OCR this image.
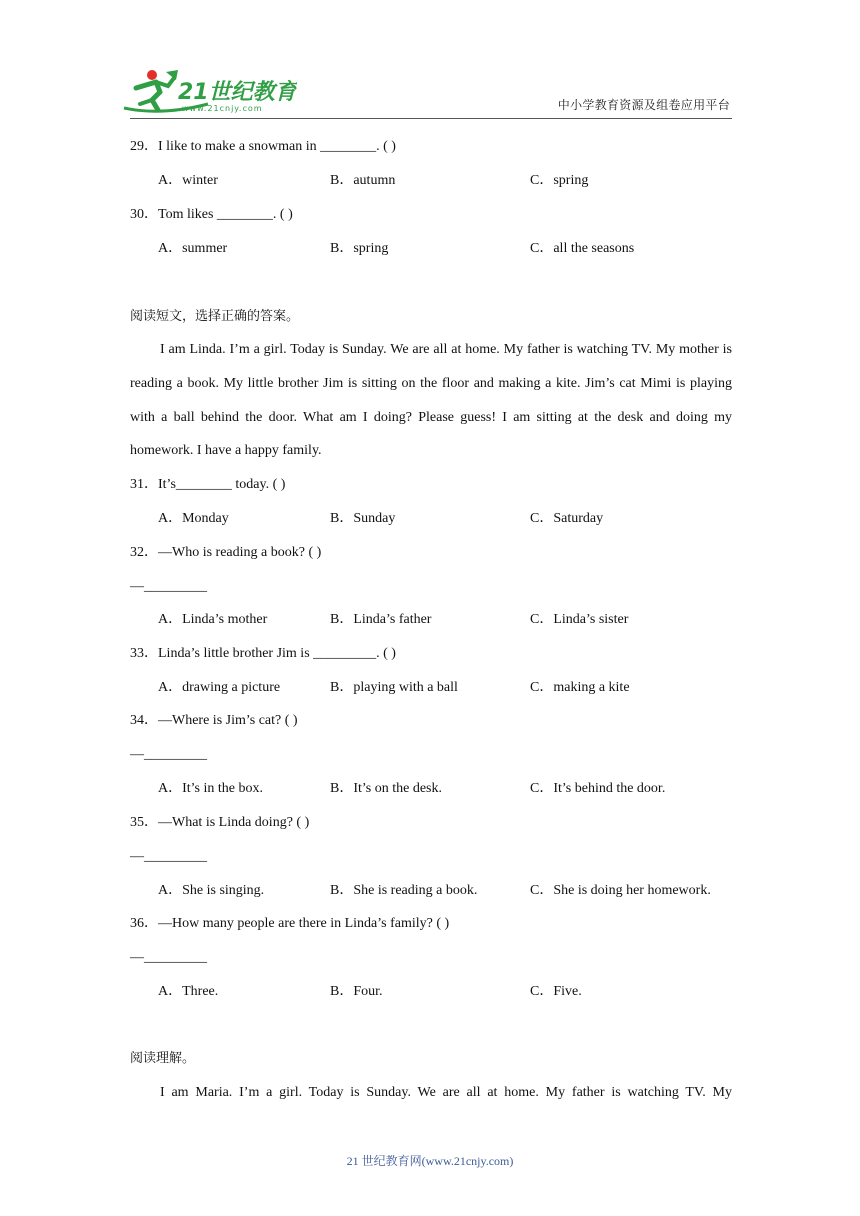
21世纪教育
www.21cnjy.com	中小学教育资源及组卷应用平台
29．I like to make a snowman in ________. ( )
A．winter	B．autumn	C．spring
30．Tom likes ________. ( )
A．summer	B．spring	C．all the seasons
阅读短文，选择正确的答案。
I am Linda. I’m a girl. Today is Sunday. We are all at home. My father is watching TV. My mother is reading a book. My little brother Jim is sitting on the floor and making a kite. Jim’s cat Mimi is playing with a ball behind the door. What am I doing? Please guess! I am sitting at the desk and doing my homework. I have a happy family.
31．It’s________ today. ( )
A．Monday	B．Sunday	C．Saturday
32．—Who is reading a book? ( )
—_________
A．Linda’s mother	B．Linda’s father	C．Linda’s sister
33．Linda’s little brother Jim is _________. ( )
A．drawing a picture	B．playing with a ball	C．making a kite
34．—Where is Jim’s cat? ( )
—_________
A．It’s in the box.	B．It’s on the desk.	C．It’s behind the door.
35．—What is Linda doing? ( )
—_________
A．She is singing.	B．She is reading a book.	C．She is doing her homework.
36．—How many people are there in Linda’s family? ( )
—_________
A．Three.	B．Four.	C．Five.
阅读理解。
I am Maria. I’m a girl. Today is Sunday. We are all at home. My father is watching TV. My
21 世纪教育网(www.21cnjy.com)
